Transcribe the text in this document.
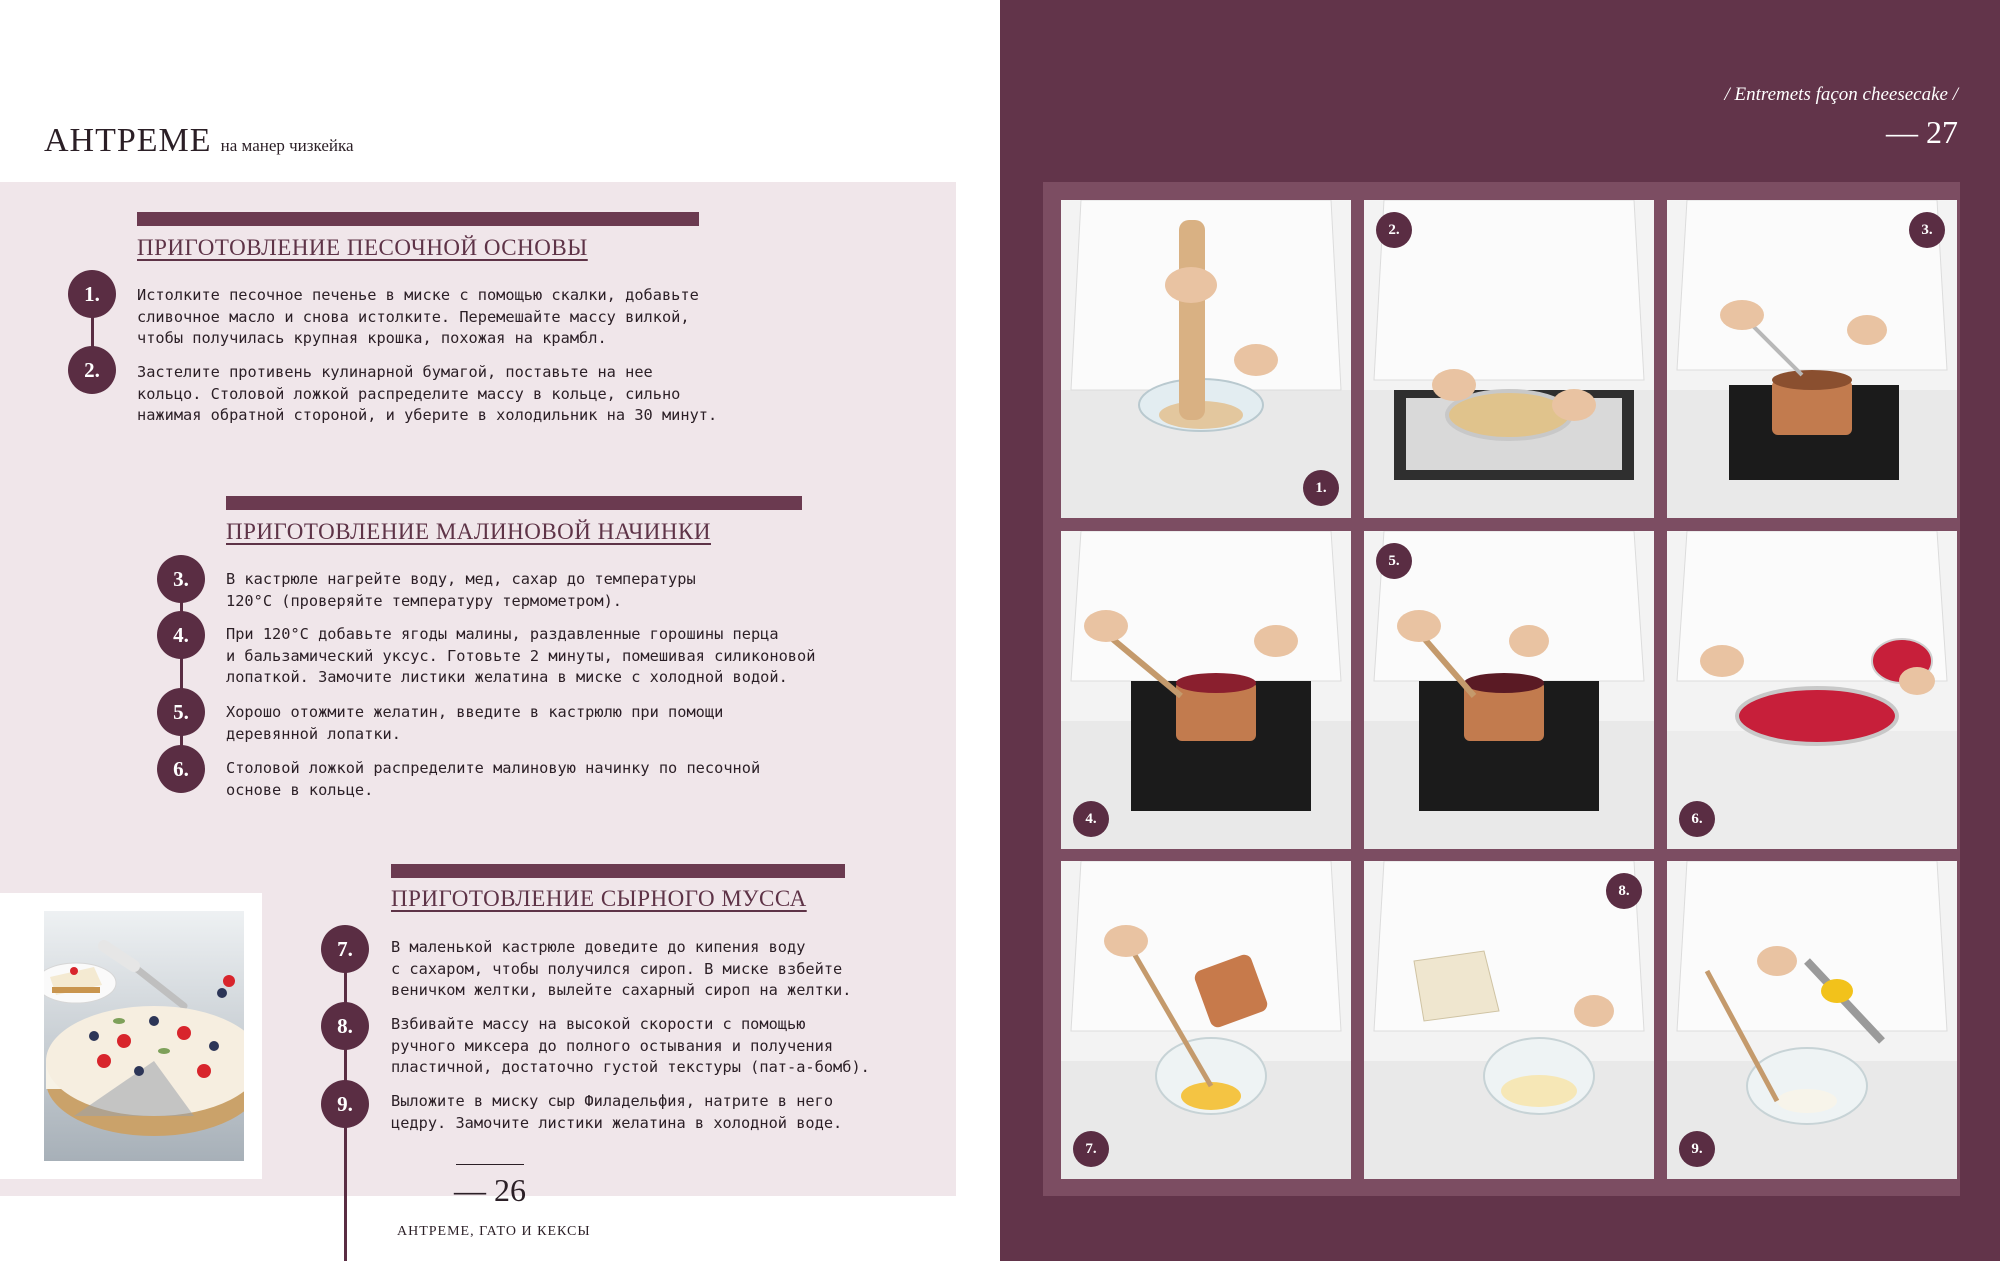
АНТРЕМЕ на манер чизкейка
ПРИГОТОВЛЕНИЕ ПЕСОЧНОЙ ОСНОВЫ
1.	Истолките песочное печенье в миске с помощью скалки, добавьте
сливочное масло и снова истолките. Перемешайте массу вилкой,
чтобы получилась крупная крошка, похожая на крамбл.
2.	Застелите противень кулинарной бумагой, поставьте на нее
кольцо. Столовой ложкой распределите массу в кольце, сильно
нажимая обратной стороной, и уберите в холодильник на 30 минут.
ПРИГОТОВЛЕНИЕ МАЛИНОВОЙ НАЧИНКИ
3.	В кастрюле нагрейте воду, мед, сахар до температуры
120°С (проверяйте температуру термометром).
4.	При 120°С добавьте ягоды малины, раздавленные горошины перца
и бальзамический уксус. Готовьте 2 минуты, помешивая силиконовой
лопаткой. Замочите листики желатина в миске с холодной водой.
5.	Хорошо отожмите желатин, введите в кастрюлю при помощи
деревянной лопатки.
6.	Столовой ложкой распределите малиновую начинку по песочной
основе в кольце.
ПРИГОТОВЛЕНИЕ СЫРНОГО МУССА
7.	В маленькой кастрюле доведите до кипения воду
с сахаром, чтобы получился сироп. В миске взбейте
веничком желтки, вылейте сахарный сироп на желтки.
8.	Взбивайте массу на высокой скорости с помощью
ручного миксера до полного остывания и получения
пластичной, достаточно густой текстуры (пат-а-бомб).
9.	Выложите в миску сыр Филадельфия, натрите в него
цедру. Замочите листики желатина в холодной воде.
— 26
АНТРЕМЕ, ГАТО И КЕКСЫ
/ Entremets façon cheesecake /
— 27
1.
2.	3.
4.
5.
6.
7.
8.
9.
